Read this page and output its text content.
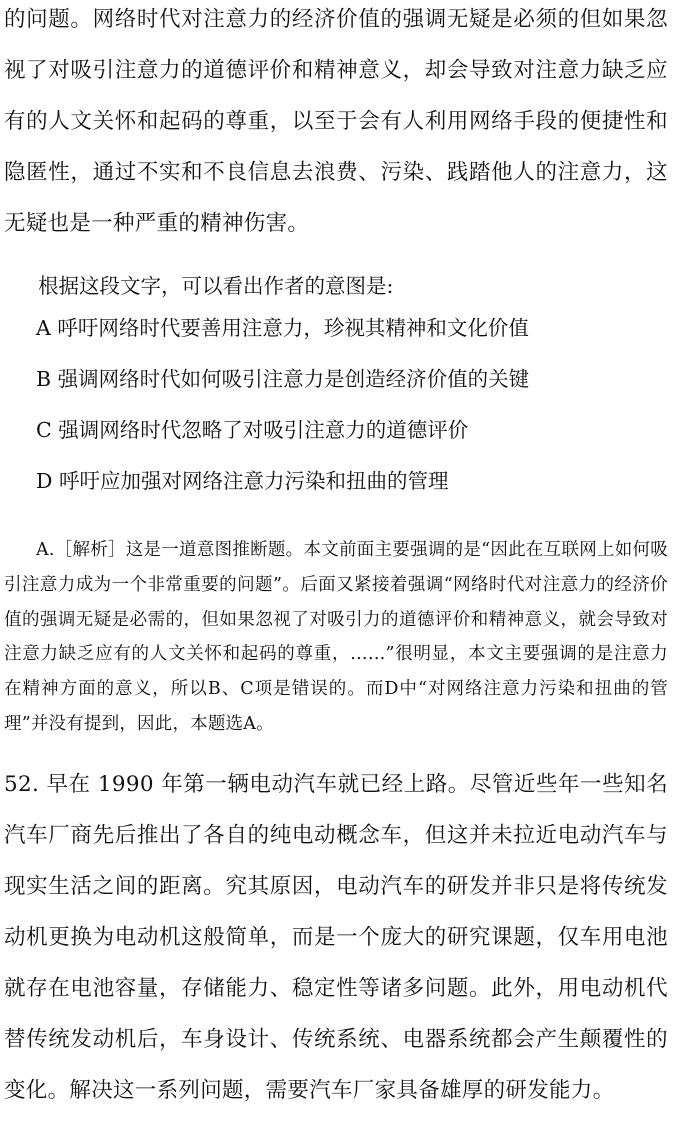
的问题。网络时代对注意力的经济价值的强调无疑是必须的但如果忽视了对吸引注意力的道德评价和精神意义，却会导致对注意力缺乏应有的人文关怀和起码的尊重，以至于会有人利用网络手段的便捷性和隐匿性，通过不实和不良信息去浪费、污染、践踏他人的注意力，这无疑也是一种严重的精神伤害。

根据这段文字，可以看出作者的意图是:

A 呼吁网络时代要善用注意力，珍视其精神和文化价值
B 强调网络时代如何吸引注意力是创造经济价值的关键
C 强调网络时代忽略了对吸引注意力的道德评价
D 呼吁应加强对网络注意力污染和扭曲的管理

A.［解析］这是一道意图推断题。本文前面主要强调的是“因此在互联网上如何吸引注意力成为一个非常重要的问题”。后面又紧接着强调“网络时代对注意力的经济价值的强调无疑是必需的，但如果忽视了对吸引力的道德评价和精神意义，就会导致对注意力缺乏应有的人文关怀和起码的尊重，……”很明显，本文主要强调的是注意力在精神方面的意义，所以B、C项是错误的。而D中“对网络注意力污染和扭曲的管理”并没有提到，因此，本题选A。

52. 早在 1990 年第一辆电动汽车就已经上路。尽管近些年一些知名汽车厂商先后推出了各自的纯电动概念车，但这并未拉近电动汽车与现实生活之间的距离。究其原因，电动汽车的研发并非只是将传统发动机更换为电动机这般简单，而是一个庞大的研究课题，仅车用电池就存在电池容量，存储能力、稳定性等诸多问题。此外，用电动机代替传统发动机后，车身设计、传统系统、电器系统都会产生颠覆性的变化。解决这一系列问题，需要汽车厂家具备雄厚的研发能力。
